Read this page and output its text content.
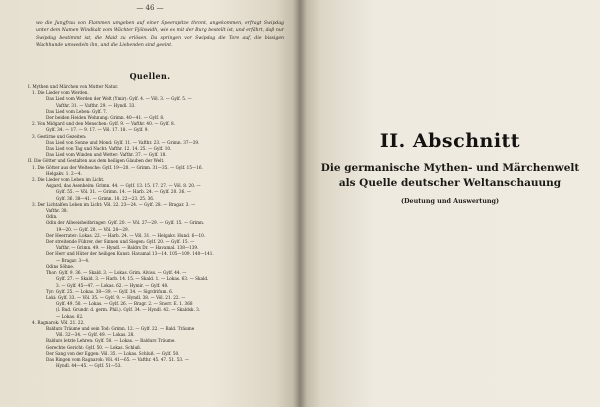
— 46 —

wo die Jungfrau von Flammen umgeben auf einer Speerspitze thront, angekommen, erfragt Swipdag unter dem Namen Windkalt vom Wächter Fjölswidh, wie es mit der Burg bestellt ist, und erfährt, daß nur Swipdag bestimmt ist, die Maid zu erlösen. Da springen vor Swipdag die Tore auf, die bissigen Wachhunde umwedeln ihn, und die Liebenden sind geeint.

Quellen.
I. Mythen und Märchen von Mutter Natur.
1. Die Lieder vom Werden.
Das Lied vom Werden der Welt (Ymir): Gylf. 4. — Völ. 3. — Gylf. 5. —
Vafthr. 31. — Vafthr. 29. — Hyndl. 33.
Das Lied vom Leben: Gylf. 7.
Der beiden Heiden Wohnung: Grimn. 40—41. — Gylf. 8.
2. Von Midgard und den Menschen: Gylf. 9. — Vafthr. 40. — Gylf. 8.
Gylf. 34. — 17. — 9. 17. — Völ. 17. 18. — Gylf. 9.
3. Gestirne und Gezeiten:
Das Lied von Sonne und Mond: Gylf. 11. — Vafthr. 23. — Grimn. 37—39.
Das Lied von Tag und Nacht: Vafthr. 12. 14. 25. — Gylf. 10.
Das Lied vom Winden und Wetter: Vafthr. 37. — Gylf. 18.
II. Die Götter und Gestalten aus dem heiligen Glauben der Welt.
1. Die Götter aus der Weltesche: Gylf. 19—20. — Grimn. 31—35. — Gylf. 15—16.
Helgakv. 1. 2—4.
2. Die Lieder vom Leben im Licht.
Asgard, das Asenheim: Grimn. 44. — Gylf. 13. 15. 17. 27. — Völ. 8. 20. —
Gylf. 55. — Völ. 31. — Grimn. 14. — Harb. 24. — Gylf. 20. 36. —
Gylf. 36. 38—41. — Grimn. 18. 22—23. 25. 36.
3. Der Lichtalfen Leben im Licht: Völ. 22. 23—24. — Gylf. 28. — Bragar. 3. —
Vafthr. 38.
Odin.
Odin der Allweisheitbringer: Gylf. 20. — Völ. 27—29. — Gylf. 15. — Grimn.
19—20. — Gylf. 20. — Völ. 28—29.
Der Heerrater: Lokas. 22. — Harb. 24. — Völ. 31. — Helgakv. Hund. 6—10.
Der streitende Führer, der Sinnen und Siegen: Gylf. 20. — Gylf. 15. —
Vafthr. — Grimn. 49. — Hyndl. — Baldrs Dr. — Havamal. 138—139.
Der Herr und Hüter der heiligen Kunst: Havamal 13—14. 105—109. 140—141.
— Bragar. 3—4.
Odins Söhne.
Thor: Gylf. 9. 36. — Skald. 3. — Lokas. Grim. Alviss. — Gylf. 44. —
Gylf. 27. — Skald. 3. — Harb. 14. 15. — Skald. 1. — Lokas. 63. — Skald.
3. — Gylf. 45—47. — Lokas. 62. — Hymir. — Gylf. 48.
Tyr: Gylf. 25. — Lokas. 38—39. — Gylf. 34. — Sigrdrifum. 6.
Loki: Gylf. 33. — Völ. 35. — Gylf. 9. — Hyndl. 38. — Völ. 21. 22. —
Gylf. 49. 50. — Lokas. — Gylf. 26. — Bragr. 2. — Snorr. E. 1. 368
(l. Bud. Grundr. d. germ. Phil.). Gylf. 34. — Hyndl. 42. — Skaldsk. 3.
— Lokas. 62.
4. Ragnarok: Völ. 21. 22.
Baldurs Träume und sein Tod: Grimn. 12. — Gylf. 22. — Bald. Träume
Völ. 32—34. — Gylf. 49. — Lokas. 28.
Baldurs letzte Lehren: Gylf. 50. — Lokas. — Baldurs Träume.
Gerechte Gericht: Gylf. 50. — Lokas. Schluß.
Der Sang von der Eggen: Völ. 35. — Lokas. Schluß. — Gylf. 50.
Das Ringen vom Ragnarok: Völ. 41—65. — Vafthr. 45. 47. 51. 53. —
Hyndl. 44—45. — Gylf. 51—53.
II. Abschnitt

Die germanische Mythen- und Märchenwelt
als Quelle deutscher Weltanschauung

(Deutung und Auswertung)
